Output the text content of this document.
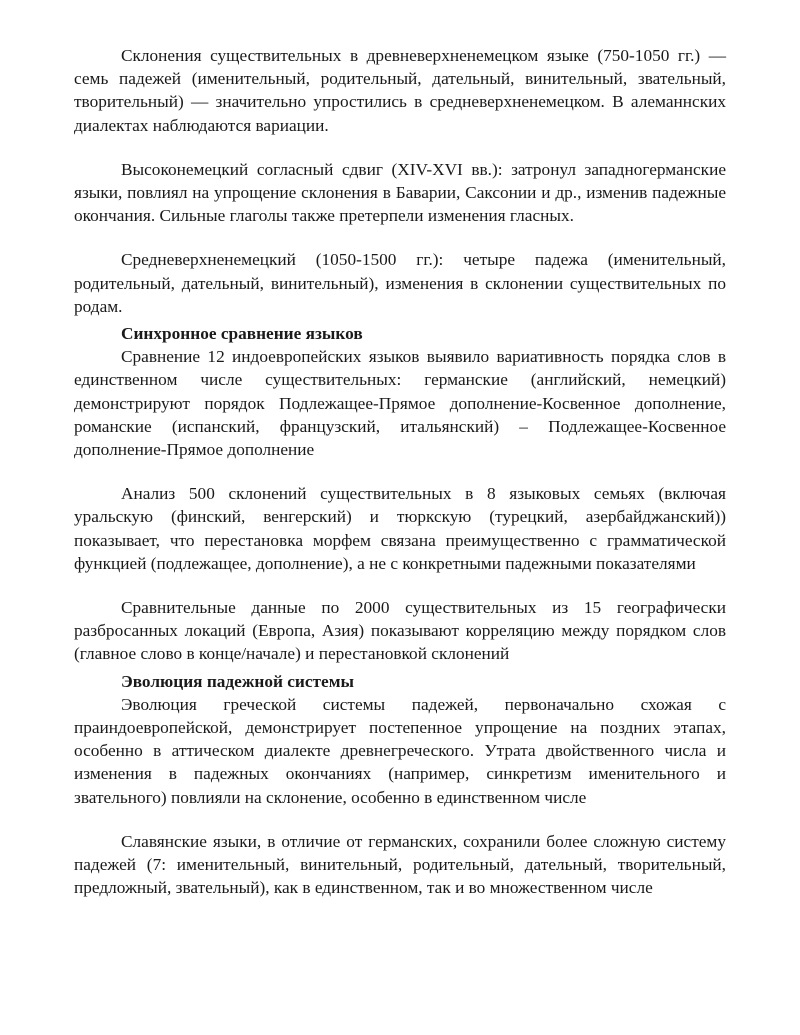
Склонения существительных в древневерхненемецком языке (750-1050 гг.) — семь падежей (именительный, родительный, дательный, винительный, звательный, творительный) — значительно упростились в средневерхненемецком. В алеманнских диалектах наблюдаются вариации.

Высоконемецкий согласный сдвиг (XIV-XVI вв.): затронул западногерманские языки, повлиял на упрощение склонения в Баварии, Саксонии и др., изменив падежные окончания. Сильные глаголы также претерпели изменения гласных.

Средневерхненемецкий (1050-1500 гг.): четыре падежа (именительный, родительный, дательный, винительный), изменения в склонении существительных по родам.

Синхронное сравнение языков

Сравнение 12 индоевропейских языков выявило вариативность порядка слов в единственном числе существительных: германские (английский, немецкий) демонстрируют порядок Подлежащее-Прямое дополнение-Косвенное дополнение, романские (испанский, французский, итальянский) – Подлежащее-Косвенное дополнение-Прямое дополнение

Анализ 500 склонений существительных в 8 языковых семьях (включая уральскую (финский, венгерский) и тюркскую (турецкий, азербайджанский)) показывает, что перестановка морфем связана преимущественно с грамматической функцией (подлежащее, дополнение), а не с конкретными падежными показателями

Сравнительные данные по 2000 существительных из 15 географически разбросанных локаций (Европа, Азия) показывают корреляцию между порядком слов (главное слово в конце/начале) и перестановкой склонений

Эволюция падежной системы

Эволюция греческой системы падежей, первоначально схожая с праиндоевропейской, демонстрирует постепенное упрощение на поздних этапах, особенно в аттическом диалекте древнегреческого. Утрата двойственного числа и изменения в падежных окончаниях (например, синкретизм именительного и звательного) повлияли на склонение, особенно в единственном числе

Славянские языки, в отличие от германских, сохранили более сложную систему падежей (7: именительный, винительный, родительный, дательный, творительный, предложный, звательный), как в единственном, так и во множественном числе
